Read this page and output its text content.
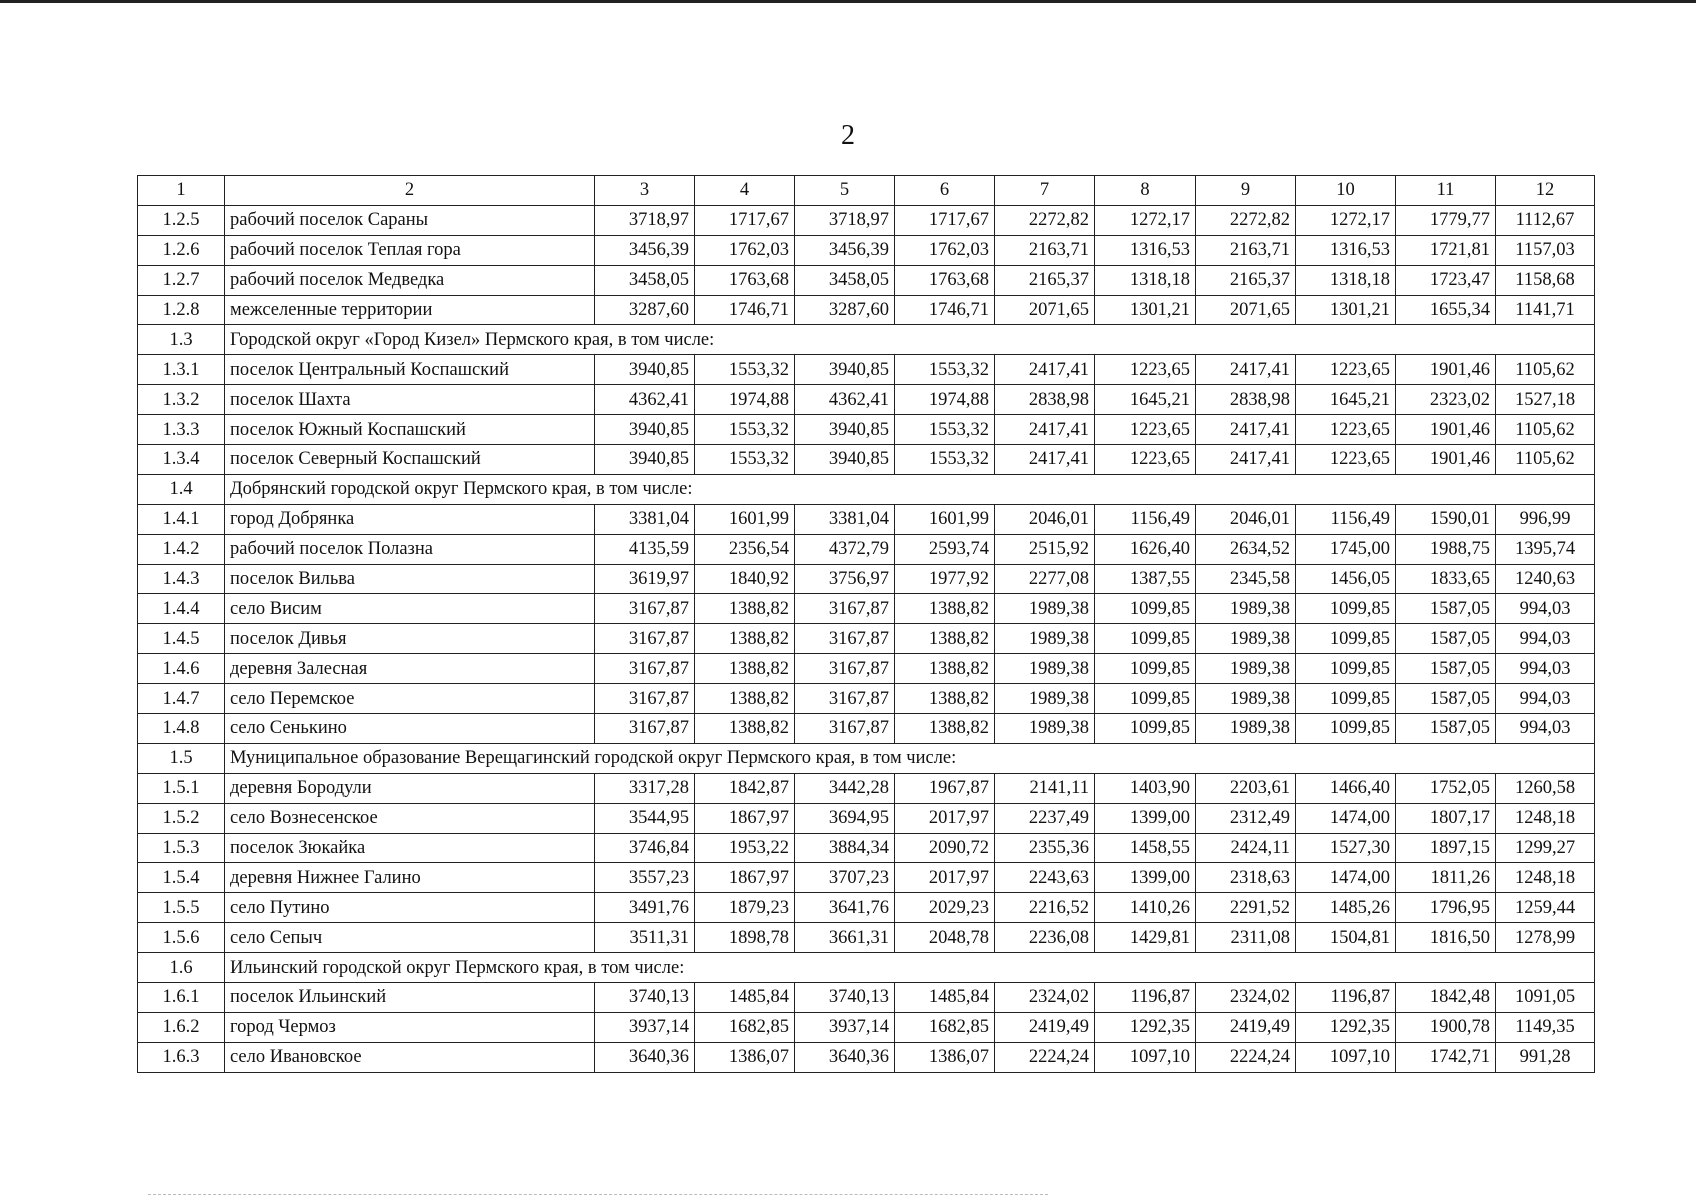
2
1	2	3	4	5	6	7	8	9	10	11	12
1.2.5	рабочий поселок Сараны	3718,97	1717,67	3718,97	1717,67	2272,82	1272,17	2272,82	1272,17	1779,77	1112,67
1.2.6	рабочий поселок Теплая гора	3456,39	1762,03	3456,39	1762,03	2163,71	1316,53	2163,71	1316,53	1721,81	1157,03
1.2.7	рабочий поселок Медведка	3458,05	1763,68	3458,05	1763,68	2165,37	1318,18	2165,37	1318,18	1723,47	1158,68
1.2.8	межселенные территории	3287,60	1746,71	3287,60	1746,71	2071,65	1301,21	2071,65	1301,21	1655,34	1141,71
1.3	Городской округ «Город Кизел» Пермского края, в том числе:										
1.3.1	поселок Центральный Коспашский	3940,85	1553,32	3940,85	1553,32	2417,41	1223,65	2417,41	1223,65	1901,46	1105,62
1.3.2	поселок Шахта	4362,41	1974,88	4362,41	1974,88	2838,98	1645,21	2838,98	1645,21	2323,02	1527,18
1.3.3	поселок Южный Коспашский	3940,85	1553,32	3940,85	1553,32	2417,41	1223,65	2417,41	1223,65	1901,46	1105,62
1.3.4	поселок Северный Коспашский	3940,85	1553,32	3940,85	1553,32	2417,41	1223,65	2417,41	1223,65	1901,46	1105,62
1.4	Добрянский городской округ Пермского края, в том числе:										
1.4.1	город Добрянка	3381,04	1601,99	3381,04	1601,99	2046,01	1156,49	2046,01	1156,49	1590,01	996,99
1.4.2	рабочий поселок Полазна	4135,59	2356,54	4372,79	2593,74	2515,92	1626,40	2634,52	1745,00	1988,75	1395,74
1.4.3	поселок Вильва	3619,97	1840,92	3756,97	1977,92	2277,08	1387,55	2345,58	1456,05	1833,65	1240,63
1.4.4	село Висим	3167,87	1388,82	3167,87	1388,82	1989,38	1099,85	1989,38	1099,85	1587,05	994,03
1.4.5	поселок Дивья	3167,87	1388,82	3167,87	1388,82	1989,38	1099,85	1989,38	1099,85	1587,05	994,03
1.4.6	деревня Залесная	3167,87	1388,82	3167,87	1388,82	1989,38	1099,85	1989,38	1099,85	1587,05	994,03
1.4.7	село Перемское	3167,87	1388,82	3167,87	1388,82	1989,38	1099,85	1989,38	1099,85	1587,05	994,03
1.4.8	село Сенькино	3167,87	1388,82	3167,87	1388,82	1989,38	1099,85	1989,38	1099,85	1587,05	994,03
1.5	Муниципальное образование Верещагинский городской округ Пермского края, в том числе:										
1.5.1	деревня Бородули	3317,28	1842,87	3442,28	1967,87	2141,11	1403,90	2203,61	1466,40	1752,05	1260,58
1.5.2	село Вознесенское	3544,95	1867,97	3694,95	2017,97	2237,49	1399,00	2312,49	1474,00	1807,17	1248,18
1.5.3	поселок Зюкайка	3746,84	1953,22	3884,34	2090,72	2355,36	1458,55	2424,11	1527,30	1897,15	1299,27
1.5.4	деревня Нижнее Галино	3557,23	1867,97	3707,23	2017,97	2243,63	1399,00	2318,63	1474,00	1811,26	1248,18
1.5.5	село Путино	3491,76	1879,23	3641,76	2029,23	2216,52	1410,26	2291,52	1485,26	1796,95	1259,44
1.5.6	село Сепыч	3511,31	1898,78	3661,31	2048,78	2236,08	1429,81	2311,08	1504,81	1816,50	1278,99
1.6	Ильинский городской округ Пермского края, в том числе:										
1.6.1	поселок Ильинский	3740,13	1485,84	3740,13	1485,84	2324,02	1196,87	2324,02	1196,87	1842,48	1091,05
1.6.2	город Чермоз	3937,14	1682,85	3937,14	1682,85	2419,49	1292,35	2419,49	1292,35	1900,78	1149,35
1.6.3	село Ивановское	3640,36	1386,07	3640,36	1386,07	2224,24	1097,10	2224,24	1097,10	1742,71	991,28
